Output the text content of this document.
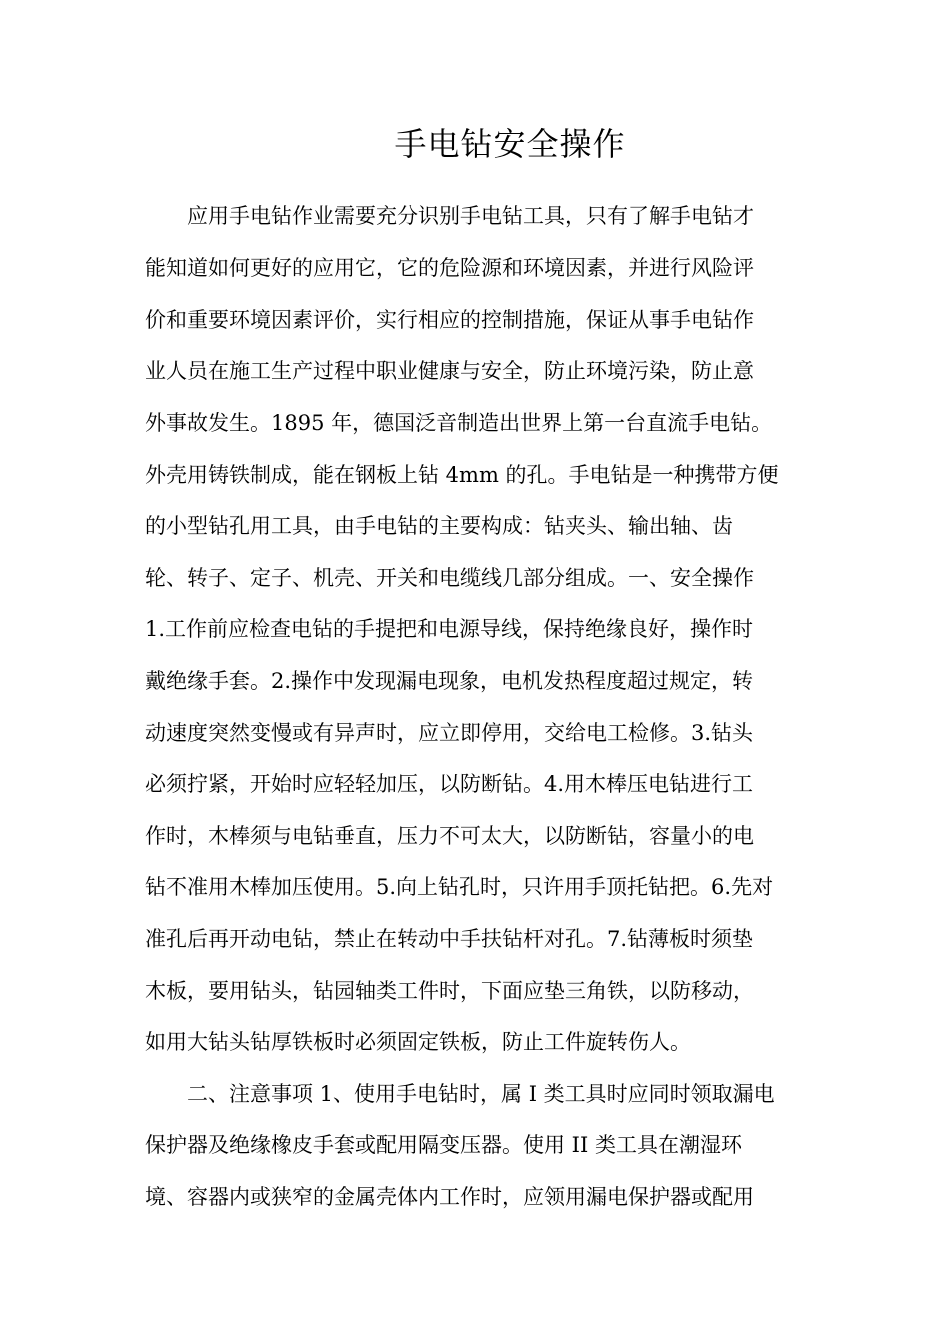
手电钻安全操作

应用手电钻作业需要充分识别手电钻工具，只有了解手电钻才

能知道如何更好的应用它，它的危险源和环境因素，并进行风险评

价和重要环境因素评价，实行相应的控制措施，保证从事手电钻作

业人员在施工生产过程中职业健康与安全，防止环境污染，防止意

外事故发生。1895 年，德国泛音制造出世界上第一台直流手电钻。

外壳用铸铁制成，能在钢板上钻 4mm 的孔。手电钻是一种携带方便

的小型钻孔用工具，由手电钻的主要构成：钻夹头、输出轴、齿

轮、转子、定子、机壳、开关和电缆线几部分组成。一、安全操作

1.工作前应检查电钻的手提把和电源导线，保持绝缘良好，操作时

戴绝缘手套。2.操作中发现漏电现象，电机发热程度超过规定，转

动速度突然变慢或有异声时，应立即停用，交给电工检修。3.钻头

必须拧紧，开始时应轻轻加压，以防断钻。4.用木棒压电钻进行工

作时，木棒须与电钻垂直，压力不可太大，以防断钻，容量小的电

钻不准用木棒加压使用。5.向上钻孔时，只许用手顶托钻把。6.先对

准孔后再开动电钻，禁止在转动中手扶钻杆对孔。7.钻薄板时须垫

木板，要用钻头，钻园轴类工件时，下面应垫三角铁，以防移动，

如用大钻头钻厚铁板时必须固定铁板，防止工件旋转伤人。

二、注意事项 1、使用手电钻时，属 I 类工具时应同时领取漏电

保护器及绝缘橡皮手套或配用隔变压器。使用 II 类工具在潮湿环

境、容器内或狭窄的金属壳体内工作时，应领用漏电保护器或配用
